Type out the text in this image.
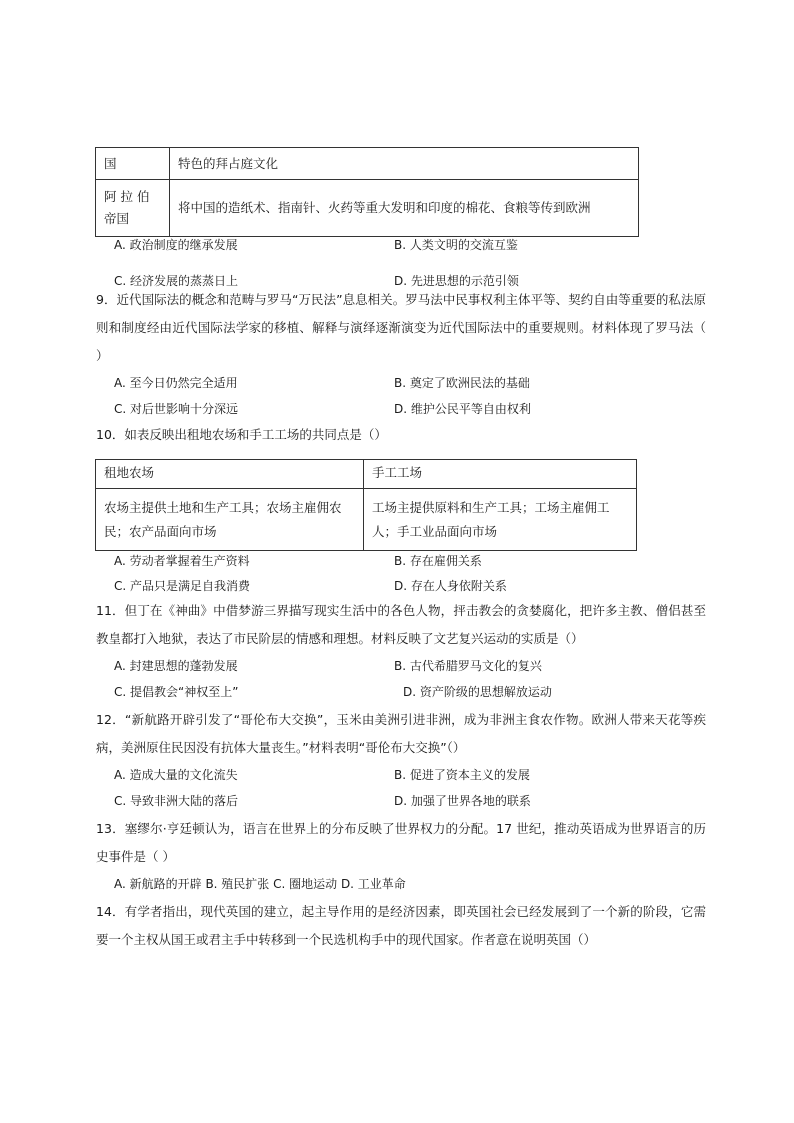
国	特色的拜占庭文化
阿 拉 伯 帝国	将中国的造纸术、指南针、火药等重大发明和印度的棉花、食粮等传到欧洲
A. 政治制度的继承发展	B. 人类文明的交流互鉴
C. 经济发展的蒸蒸日上	D. 先进思想的示范引领
9．近代国际法的概念和范畴与罗马“万民法”息息相关。罗马法中民事权利主体平等、契约自由等重要的私法原则和制度经由近代国际法学家的移植、解释与演绎逐渐演变为近代国际法中的重要规则。材料体现了罗马法（ ）
A. 至今日仍然完全适用	B. 奠定了欧洲民法的基础
C. 对后世影响十分深远	D. 维护公民平等自由权利
10．如表反映出租地农场和手工工场的共同点是（）
租地农场	手工工场
农场主提供土地和生产工具；农场主雇佣农民；农产品面向市场	工场主提供原料和生产工具；工场主雇佣工人；手工业品面向市场
A. 劳动者掌握着生产资料	B. 存在雇佣关系
C. 产品只是满足自我消费	D. 存在人身依附关系
11．但丁在《神曲》中借梦游三界描写现实生活中的各色人物，抨击教会的贪婪腐化，把许多主教、僧侣甚至教皇都打入地狱，表达了市民阶层的情感和理想。材料反映了文艺复兴运动的实质是（）
A. 封建思想的蓬勃发展	B. 古代希腊罗马文化的复兴
C. 提倡教会“神权至上”	D. 资产阶级的思想解放运动
12．“新航路开辟引发了“哥伦布大交换”，玉米由美洲引进非洲，成为非洲主食农作物。欧洲人带来天花等疾病，美洲原住民因没有抗体大量丧生。”材料表明“哥伦布大交换”（）
A. 造成大量的文化流失	B. 促进了资本主义的发展
C. 导致非洲大陆的落后	D. 加强了世界各地的联系
13．塞缪尔·亨廷顿认为，语言在世界上的分布反映了世界权力的分配。17 世纪，推动英语成为世界语言的历史事件是（ ）
A. 新航路的开辟 B. 殖民扩张 C. 圈地运动 D. 工业革命
14．有学者指出，现代英国的建立，起主导作用的是经济因素，即英国社会已经发展到了一个新的阶段，它需要一个主权从国王或君主手中转移到一个民选机构手中的现代国家。作者意在说明英国（）
